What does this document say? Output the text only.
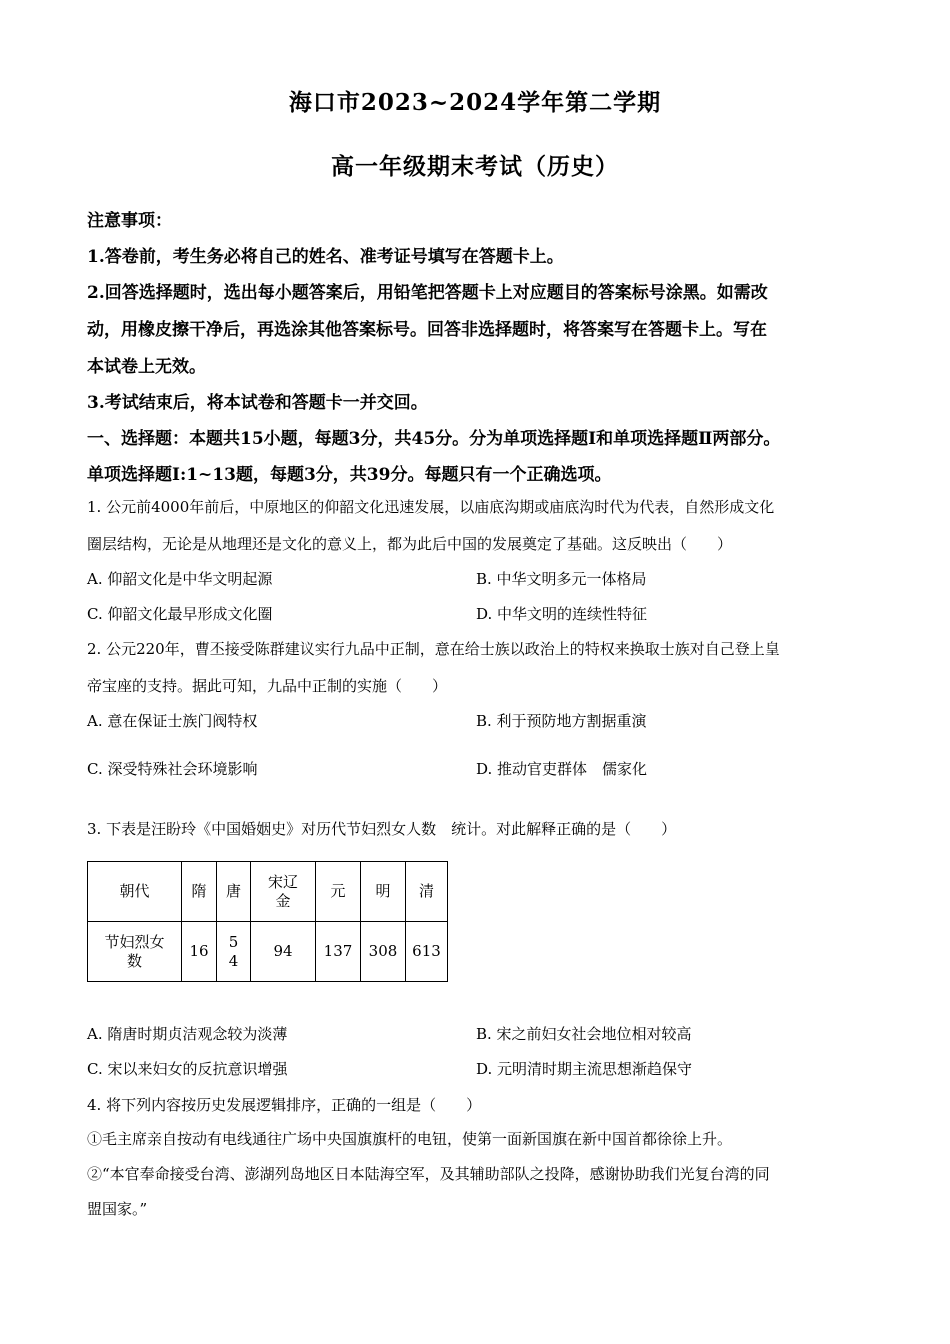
海口市2023~2024学年第二学期
高一年级期末考试（历史）
注意事项：
1.答卷前，考生务必将自己的姓名、准考证号填写在答题卡上。
2.回答选择题时，选出每小题答案后，用铅笔把答题卡上对应题目的答案标号涂黑。如需改
动，用橡皮擦干净后，再选涂其他答案标号。回答非选择题时，将答案写在答题卡上。写在
本试卷上无效。
3.考试结束后，将本试卷和答题卡一并交回。
一、选择题：本题共15小题，每题3分，共45分。分为单项选择题Ⅰ和单项选择题Ⅱ两部分。
单项选择题Ⅰ:1~13题，每题3分，共39分。每题只有一个正确选项。
1. 公元前4000年前后，中原地区的仰韶文化迅速发展，以庙底沟期或庙底沟时代为代表，自然形成文化
圈层结构，无论是从地理还是文化的意义上，都为此后中国的发展奠定了基础。这反映出（　　）
A. 仰韶文化是中华文明起源	B. 中华文明多元一体格局
C. 仰韶文化最早形成文化圈	D. 中华文明的连续性特征
2. 公元220年，曹丕接受陈群建议实行九品中正制，意在给士族以政治上的特权来换取士族对自己登上皇
帝宝座的支持。据此可知，九品中正制的实施（　　）
A. 意在保证士族门阀特权	B. 利于预防地方割据重演
C. 深受特殊社会环境影响	D. 推动官吏群体　儒家化
3. 下表是汪盼玲《中国婚姻史》对历代节妇烈女人数　统计。对此解释正确的是（　　）
朝代	隋	唐	宋辽金	元	明	清

节妇烈女数	16	54	94	137	308	613
A. 隋唐时期贞洁观念较为淡薄	B. 宋之前妇女社会地位相对较高
C. 宋以来妇女的反抗意识增强	D. 元明清时期主流思想渐趋保守
4. 将下列内容按历史发展逻辑排序，正确的一组是（　　）
①毛主席亲自按动有电线通往广场中央国旗旗杆的电钮，使第一面新国旗在新中国首都徐徐上升。
②“本官奉命接受台湾、澎湖列岛地区日本陆海空军，及其辅助部队之投降，感谢协助我们光复台湾的同
盟国家。”
